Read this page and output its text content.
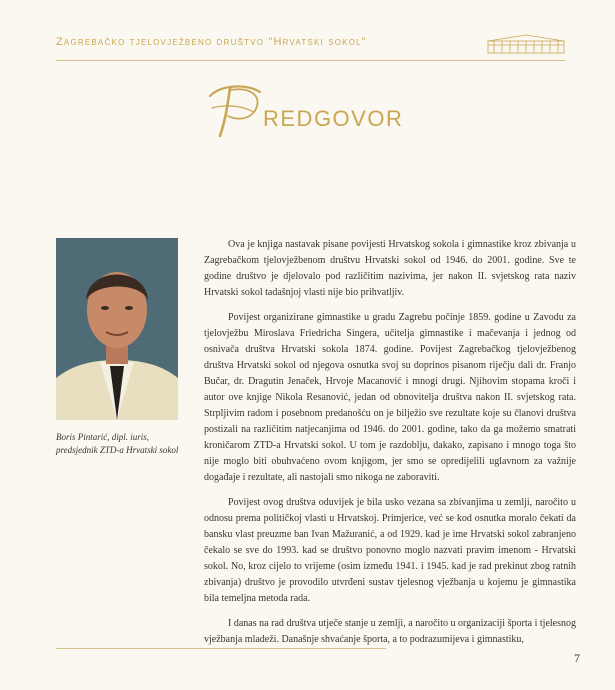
Zagrebačko tjelovježbeno društvo "Hrvatski sokol"
REDGOVOR
Boris Pintarić, dipl. iuris,
predsjednik ZTD-a Hrvatski sokol

Ova je knjiga nastavak pisane povijesti Hrvatskog sokola i gimnastike kroz zbivanja u Zagrebačkom tjelovježbenom društvu Hrvatski sokol od 1946. do 2001. godine. Sve te godine društvo je djelovalo pod različitim nazivima, jer nakon II. svjetskog rata naziv Hrvatski sokol tadašnjoj vlasti nije bio prihvatljiv.

Povijest organizirane gimnastike u gradu Zagrebu počinje 1859. godine u Zavodu za tjelovježbu Miroslava Friedricha Singera, učitelja gimnastike i mačevanja i jednog od osnivača društva Hrvatski sokola 1874. godine. Povijest Zagrebačkog tjelovježbenog društva Hrvatski sokol od njegova osnutka svoj su doprinos pisanom riječju dali dr. Franjo Bučar, dr. Dragutin Jenaček, Hrvoje Macanović i mnogi drugi. Njihovim stopama kroči i autor ove knjige Nikola Resanović, jedan od obnovitelja društva nakon II. svjetskog rata. Strpljivim radom i posebnom predanošću on je bilježio sve rezultate koje su članovi društva postizali na različitim natjecanjima od 1946. do 2001. godine, tako da ga možemo smatrati kroničarom ZTD-a Hrvatski sokol. U tom je razdoblju, dakako, zapisano i mnogo toga što nije moglo biti obuhvaćeno ovom knjigom, jer smo se opredijelili uglavnom za važnije događaje i rezultate, ali nastojali smo nikoga ne zaboraviti.

Povijest ovog društva oduvijek je bila usko vezana sa zbivanjima u zemlji, naročito u odnosu prema političkoj vlasti u Hrvatskoj. Primjerice, već se kod osnutka moralo čekati da bansku vlast preuzme ban Ivan Mažuranić, a od 1929. kad je ime Hrvatski sokol zabranjeno čekalo se sve do 1993. kad se društvo ponovno moglo nazvati pravim imenom - Hrvatski sokol. No, kroz cijelo to vrijeme (osim između 1941. i 1945. kad je rad prekinut zbog ratnih zbivanja) društvo je provodilo utvrđeni sustav tjelesnog vježbanja u kojemu je gimnastika bila temeljna metoda rada.

I danas na rad društva utječe stanje u zemlji, a naročito u organizaciji športa i tjelesnog vježbanja mladeži. Današnje shvaćanje športa, a to podrazumijeva i gimnastiku,

7
